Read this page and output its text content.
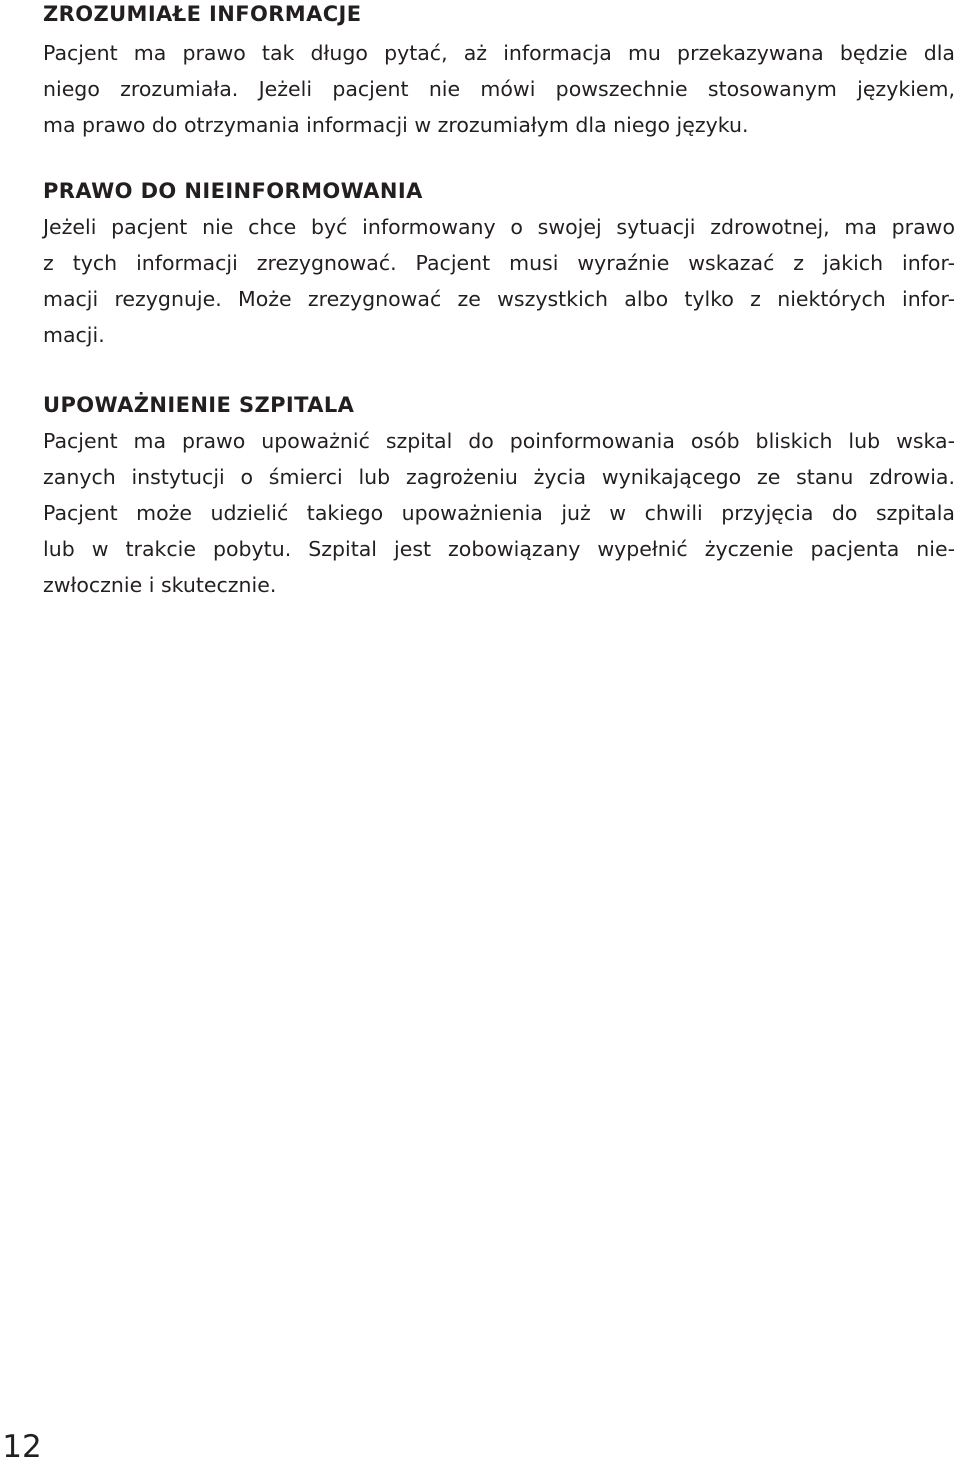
ZROZUMIAŁE INFORMACJE

Pacjent ma prawo tak długo pytać, aż informacja mu przekazywana będzie dla

niego zrozumiała. Jeżeli pacjent nie mówi powszechnie stosowanym językiem,

ma prawo do otrzymania informacji w zrozumiałym dla niego języku.

PRAWO DO NIEINFORMOWANIA

Jeżeli pacjent nie chce być informowany o swojej sytuacji zdrowotnej, ma prawo

z tych informacji zrezygnować. Pacjent musi wyraźnie wskazać z jakich infor-

macji rezygnuje. Może zrezygnować ze wszystkich albo tylko z niektórych infor-

macji.

UPOWAŻNIENIE SZPITALA

Pacjent ma prawo upoważnić szpital do poinformowania osób bliskich lub wska-

zanych instytucji o śmierci lub zagrożeniu życia wynikającego ze stanu zdrowia.

Pacjent może udzielić takiego upoważnienia już w chwili przyjęcia do szpitala

lub w trakcie pobytu. Szpital jest zobowiązany wypełnić życzenie pacjenta nie-

zwłocznie i skutecznie.

12
